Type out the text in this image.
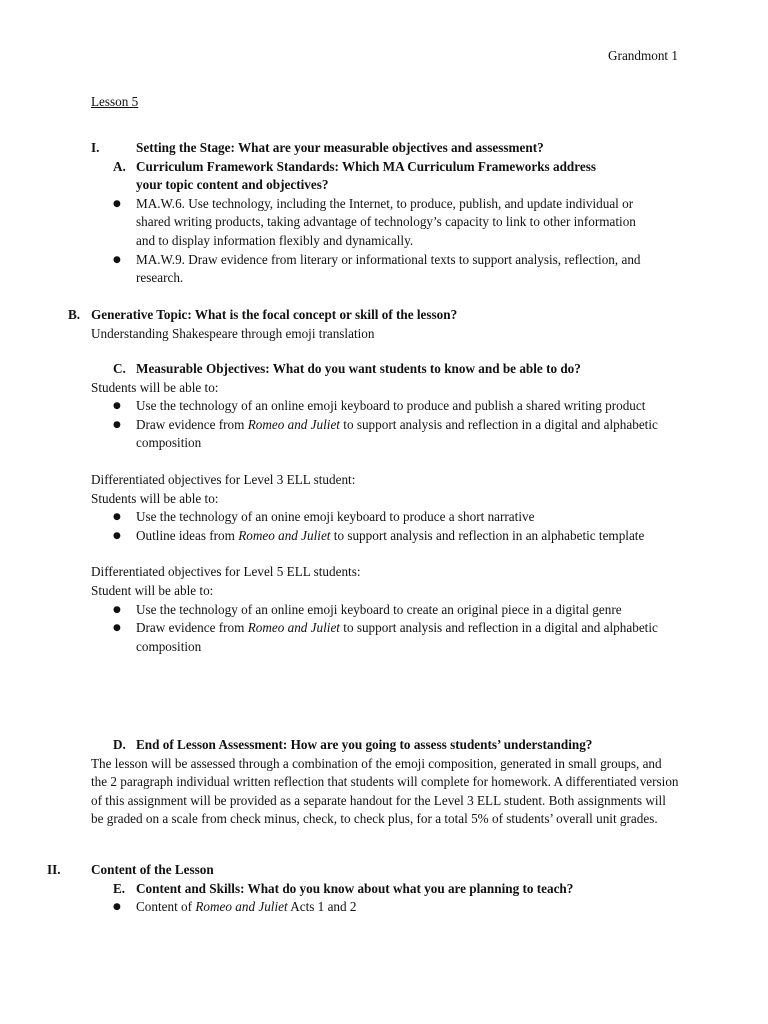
Grandmont 1
Lesson 5
I.	Setting the Stage: What are your measurable objectives and assessment?
A. Curriculum Framework Standards: Which MA Curriculum Frameworks address
your topic content and objectives?
● MA.W.6. Use technology, including the Internet, to produce, publish, and update individual or shared writing products, taking advantage of technology’s capacity to link to other information and to display information flexibly and dynamically.
● MA.W.9. Draw evidence from literary or informational texts to support analysis, reflection, and research.
B. Generative Topic: What is the focal concept or skill of the lesson?
Understanding Shakespeare through emoji translation
C. Measurable Objectives: What do you want students to know and be able to do?
Students will be able to:
● Use the technology of an online emoji keyboard to produce and publish a shared writing product
● Draw evidence from Romeo and Juliet to support analysis and reflection in a digital and alphabetic composition
Differentiated objectives for Level 3 ELL student:
Students will be able to:
● Use the technology of an onine emoji keyboard to produce a short narrative
● Outline ideas from Romeo and Juliet to support analysis and reflection in an alphabetic template
Differentiated objectives for Level 5 ELL students:
Student will be able to:
● Use the technology of an online emoji keyboard to create an original piece in a digital genre
● Draw evidence from Romeo and Juliet to support analysis and reflection in a digital and alphabetic composition
D. End of Lesson Assessment: How are you going to assess students’ understanding?
The lesson will be assessed through a combination of the emoji composition, generated in small groups, and the 2 paragraph individual written reflection that students will complete for homework. A differentiated version of this assignment will be provided as a separate handout for the Level 3 ELL student. Both assignments will be graded on a scale from check minus, check, to check plus, for a total 5% of students’ overall unit grades.
II. Content of the Lesson
E. Content and Skills: What do you know about what you are planning to teach?
● Content of Romeo and Juliet Acts 1 and 2
